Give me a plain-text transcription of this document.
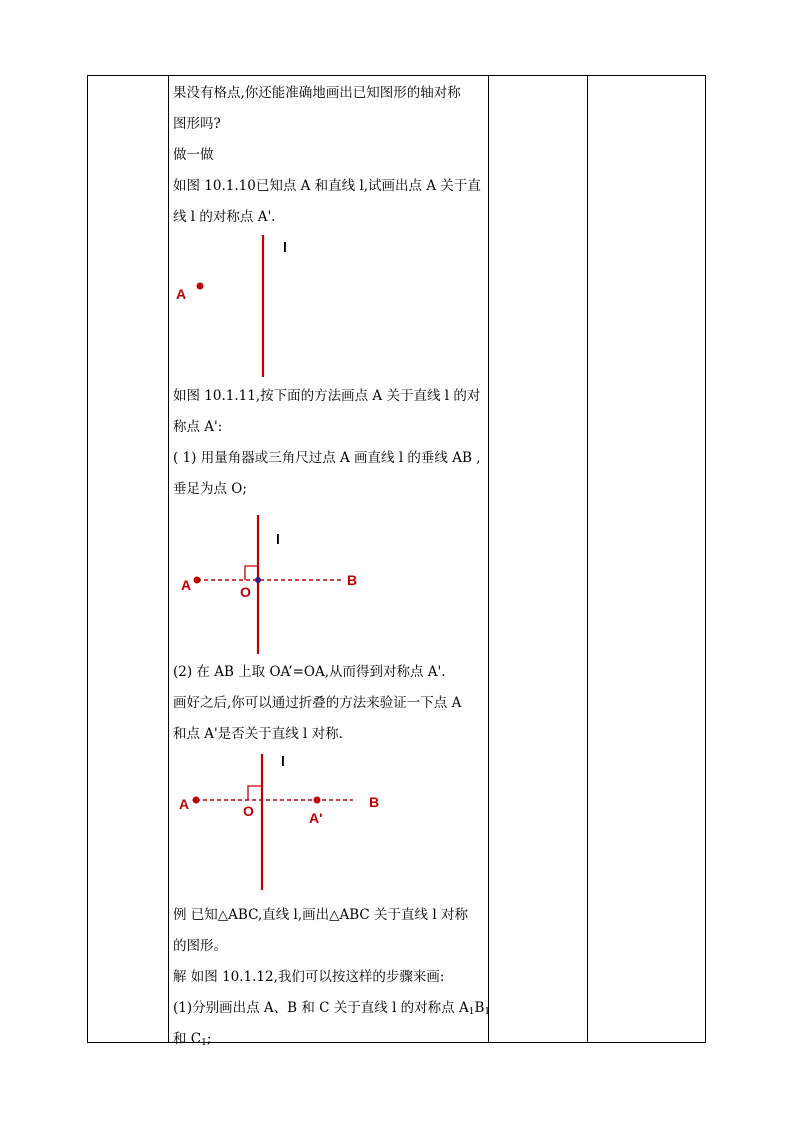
果没有格点,你还能准确地画出已知图形的轴对称
图形吗?
做一做
如图 10.1.10已知点 A 和直线 l,试画出点 A 关于直
线 l 的对称点 A'.
l
A
如图 10.1.11,按下面的方法画点 A 关于直线 l 的对
称点 A':
( 1) 用量角器或三角尺过点 A 画直线 l 的垂线 AB ,
垂足为点 O;
l
A	O
B
(2) 在 AB 上取 OA’=OA,从而得到对称点 A'.
画好之后,你可以通过折叠的方法来验证一下点 A
和点 A'是否关于直线 l 对称.
l
A	O	A'
B
例 已知△ABC,直线 l,画出△ABC 关于直线 l 对称
的图形。
解 如图 10.1.12,我们可以按这样的步骤来画:
(1)分别画出点 A、B 和 C 关于直线 l 的对称点 $A_1B_1$
和 $C_1$;
